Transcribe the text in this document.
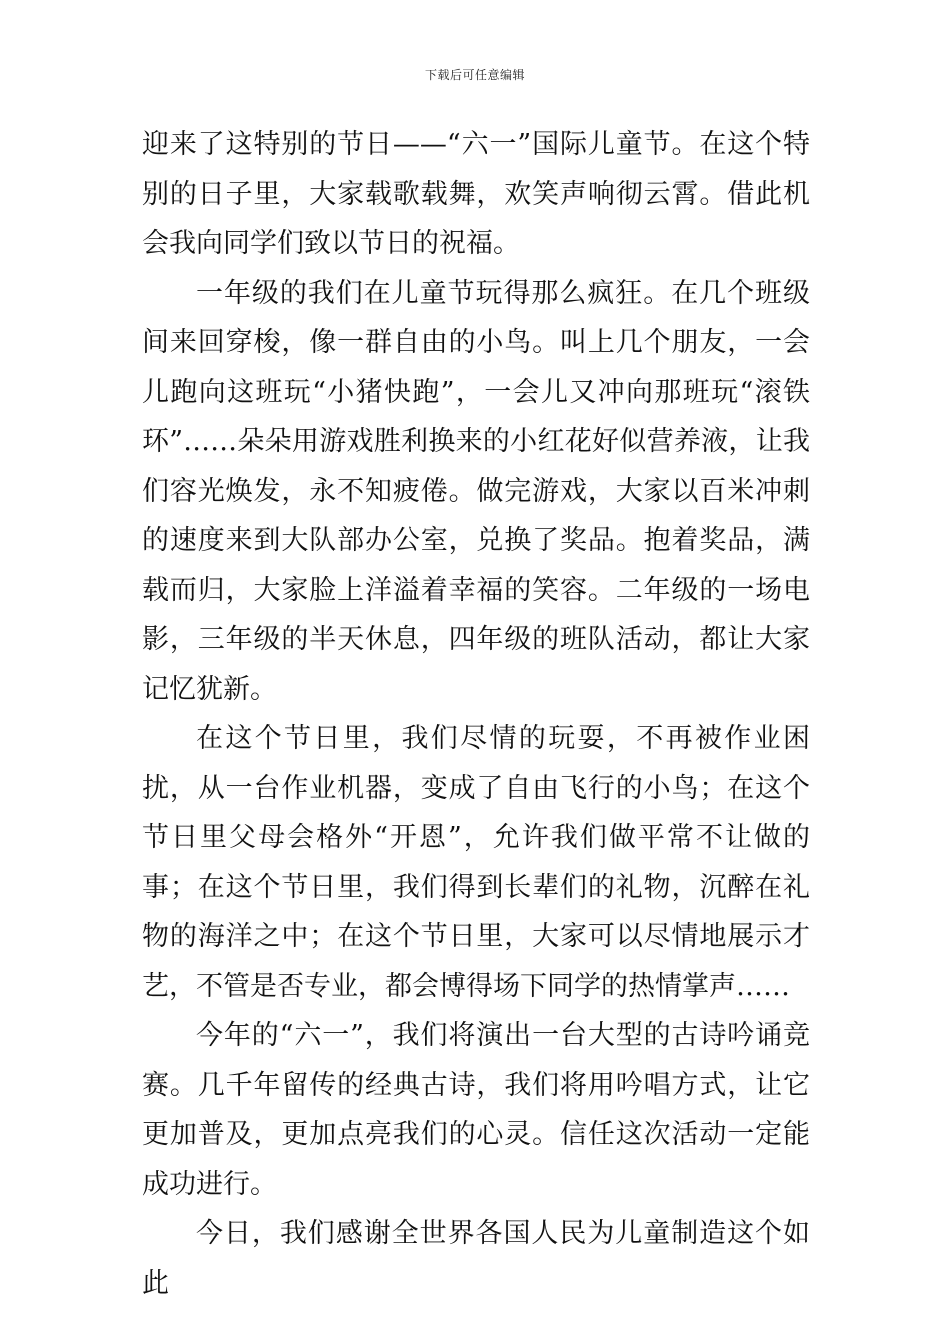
下载后可任意编辑

迎来了这特别的节日——“六一”国际儿童节。在这个特别的日子里，大家载歌载舞，欢笑声响彻云霄。借此机会我向同学们致以节日的祝福。

一年级的我们在儿童节玩得那么疯狂。在几个班级间来回穿梭，像一群自由的小鸟。叫上几个朋友，一会儿跑向这班玩“小猪快跑”，一会儿又冲向那班玩“滚铁环”……朵朵用游戏胜利换来的小红花好似营养液，让我们容光焕发，永不知疲倦。做完游戏，大家以百米冲刺的速度来到大队部办公室，兑换了奖品。抱着奖品，满载而归，大家脸上洋溢着幸福的笑容。二年级的一场电影，三年级的半天休息，四年级的班队活动，都让大家记忆犹新。

在这个节日里，我们尽情的玩耍，不再被作业困扰，从一台作业机器，变成了自由飞行的小鸟；在这个节日里父母会格外“开恩”，允许我们做平常不让做的事；在这个节日里，我们得到长辈们的礼物，沉醉在礼物的海洋之中；在这个节日里，大家可以尽情地展示才艺，不管是否专业，都会博得场下同学的热情掌声……

今年的“六一”，我们将演出一台大型的古诗吟诵竞赛。几千年留传的经典古诗，我们将用吟唱方式，让它更加普及，更加点亮我们的心灵。信任这次活动一定能成功进行。

今日，我们感谢全世界各国人民为儿童制造这个如此
